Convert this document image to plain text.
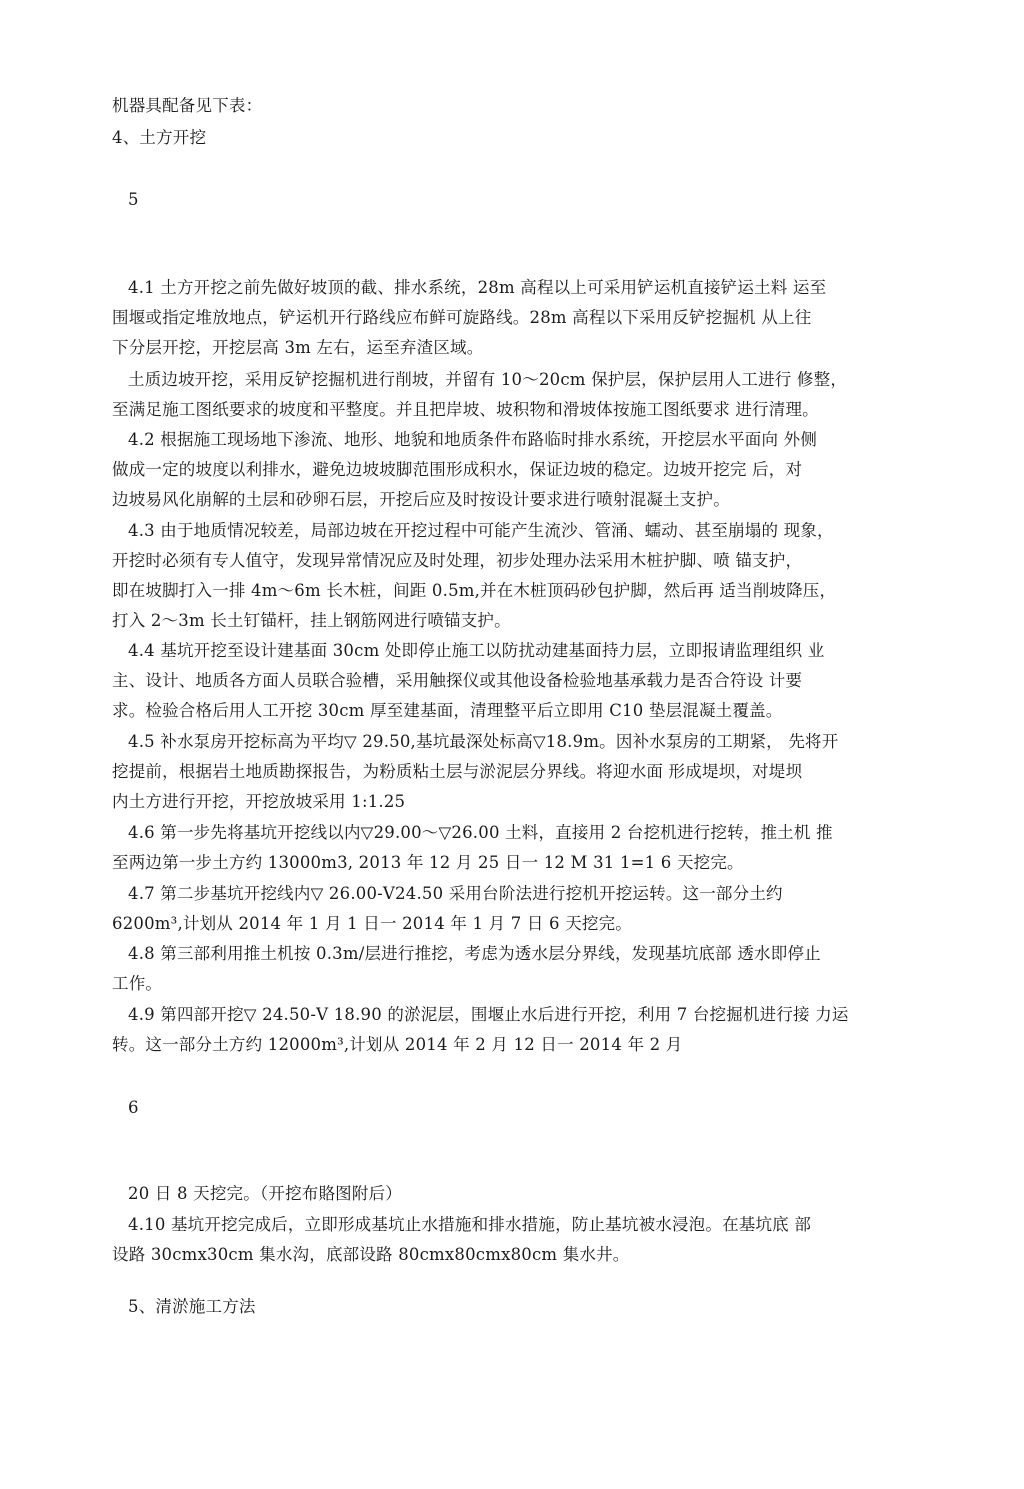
机器具配备见下表：
4、土方开挖
5
4.1 土方开挖之前先做好坡顶的截、排水系统，28m 高程以上可采用铲运机直接铲运土料 运至
围堰或指定堆放地点，铲运机开行路线应布鲜可旋路线。28m 高程以下采用反铲挖掘机 从上往
下分层开挖，开挖层高 3m 左右，运至弃渣区域。
土质边坡开挖，采用反铲挖掘机进行削坡，并留有 10～20cm 保护层，保护层用人工进行 修整，
至满足施工图纸要求的坡度和平整度。并且把岸坡、坡积物和滑坡体按施工图纸要求 进行清理。
4.2 根据施工现场地下渗流、地形、地貌和地质条件布路临时排水系统，开挖层水平面向 外侧
做成一定的坡度以利排水，避免边坡坡脚范围形成积水，保证边坡的稳定。边坡开挖完 后，对
边坡易风化崩解的土层和砂卵石层，开挖后应及时按设计要求进行喷射混凝土支护。
4.3 由于地质情况较差，局部边坡在开挖过程中可能产生流沙、管涌、蠕动、甚至崩塌的 现象，
开挖时必须有专人值守，发现异常情况应及时处理，初步处理办法采用木桩护脚、喷 锚支护，
即在坡脚打入一排 4m～6m 长木桩，间距 0.5m,并在木桩顶码砂包护脚，然后再 适当削坡降压，
打入 2～3m 长土钉锚杆，挂上钢筋网进行喷锚支护。
4.4 基坑开挖至设计建基面 30cm 处即停止施工以防扰动建基面持力层，立即报请监理组织 业
主、设计、地质各方面人员联合验槽，采用触探仪或其他设备检验地基承载力是否合符设 计要
求。检验合格后用人工开挖 30cm 厚至建基面，清理整平后立即用 C10 垫层混凝土覆盖。
4.5 补水泵房开挖标高为平均▽ 29.50,基坑最深处标高▽18.9m。因补水泵房的工期紧， 先将开
挖提前，根据岩土地质勘探报告，为粉质粘土层与淤泥层分界线。将迎水面 形成堤坝，对堤坝
内土方进行开挖，开挖放坡采用 1:1.25
4.6 第一步先将基坑开挖线以内▽29.00～▽26.00 土料，直接用 2 台挖机进行挖转，推土机 推
至两边第一步土方约 13000m3, 2013 年 12 月 25 日一 12 M 31 1=1 6 天挖完。
4.7 第二步基坑开挖线内▽ 26.00-V24.50 采用台阶法进行挖机开挖运转。这一部分土约
6200m³,计划从 2014 年 1 月 1 日一 2014 年 1 月 7 日 6 天挖完。
4.8 第三部利用推土机按 0.3m/层进行推挖，考虑为透水层分界线，发现基坑底部 透水即停止
工作。
4.9 第四部开挖▽ 24.50-V 18.90 的淤泥层，围堰止水后进行开挖，利用 7 台挖掘机进行接 力运
转。这一部分土方约 12000m³,计划从 2014 年 2 月 12 日一 2014 年 2 月
6
20 日 8 天挖完。（开挖布賂图附后）
4.10 基坑开挖完成后，立即形成基坑止水措施和排水措施，防止基坑被水浸泡。在基坑底 部
设路 30cmx30cm 集水沟，底部设路 80cmx80cmx80cm 集水井。
5、清淤施工方法
